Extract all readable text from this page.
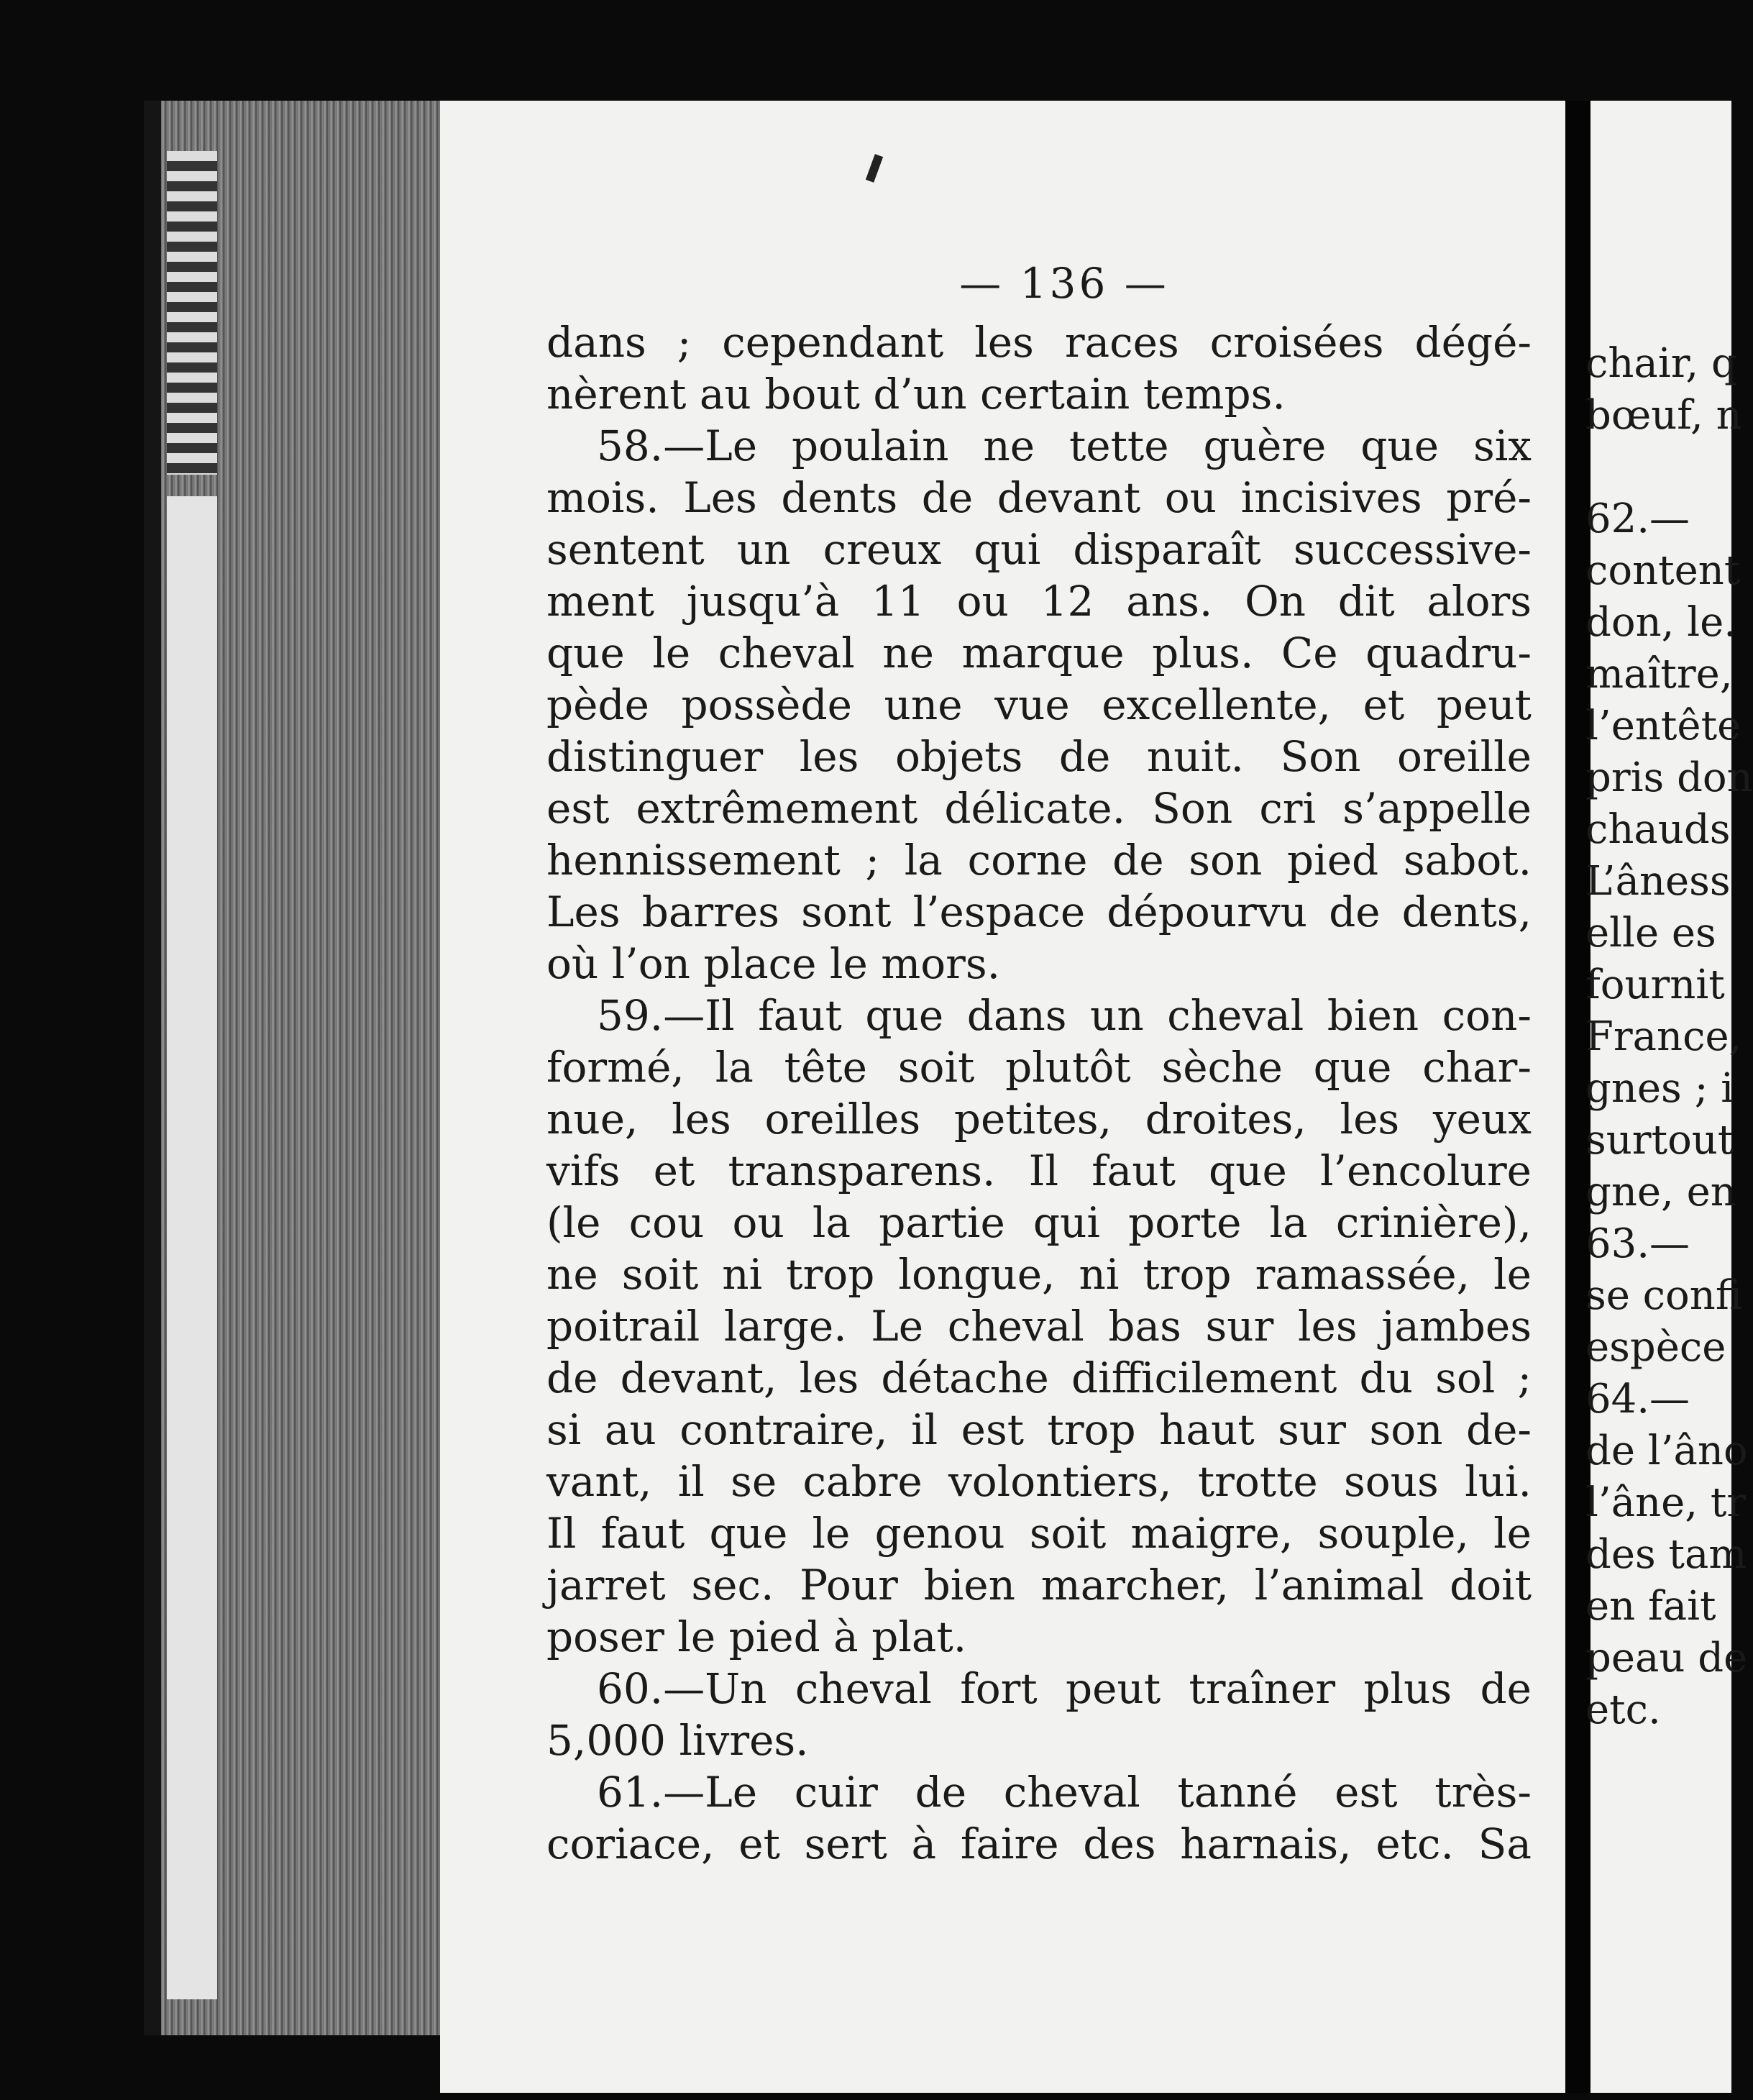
— 136 —
dans ; cependant les races croisées dégé-
nèrent au bout d’un certain temps.
58.—Le poulain ne tette guère que six
mois. Les dents de devant ou incisives pré-
sentent un creux qui disparaît successive-
ment jusqu’à 11 ou 12 ans. On dit alors
que le cheval ne marque plus. Ce quadru-
pède possède une vue excellente, et peut
distinguer les objets de nuit. Son oreille
est extrêmement délicate. Son cri s’appelle
hennissement ; la corne de son pied sabot.
Les barres sont l’espace dépourvu de dents,
où l’on place le mors.
59.—Il faut que dans un cheval bien con-
formé, la tête soit plutôt sèche que char-
nue, les oreilles petites, droites, les yeux
vifs et transparens. Il faut que l’encolure
(le cou ou la partie qui porte la crinière),
ne soit ni trop longue, ni trop ramassée, le
poitrail large. Le cheval bas sur les jambes
de devant, les détache difficilement du sol ;
si au contraire, il est trop haut sur son de-
vant, il se cabre volontiers, trotte sous lui.
Il faut que le genou soit maigre, souple, le
jarret sec. Pour bien marcher, l’animal doit
poser le pied à plat.
60.—Un cheval fort peut traîner plus de
5,000 livres.
61.—Le cuir de cheval tanné est très-
coriace, et sert à faire des harnais, etc. Sa
chair, q
bœuf, n
62.—
content
don, le.
maître,
l’entête
pris don
chauds
L’âness
elle es
fournit
France,
gnes ; i
surtout
gne, en
63.—
se confi
espèce
64.—
de l’âno
l’âne, tr
des tam
en fait
peau de
etc.
